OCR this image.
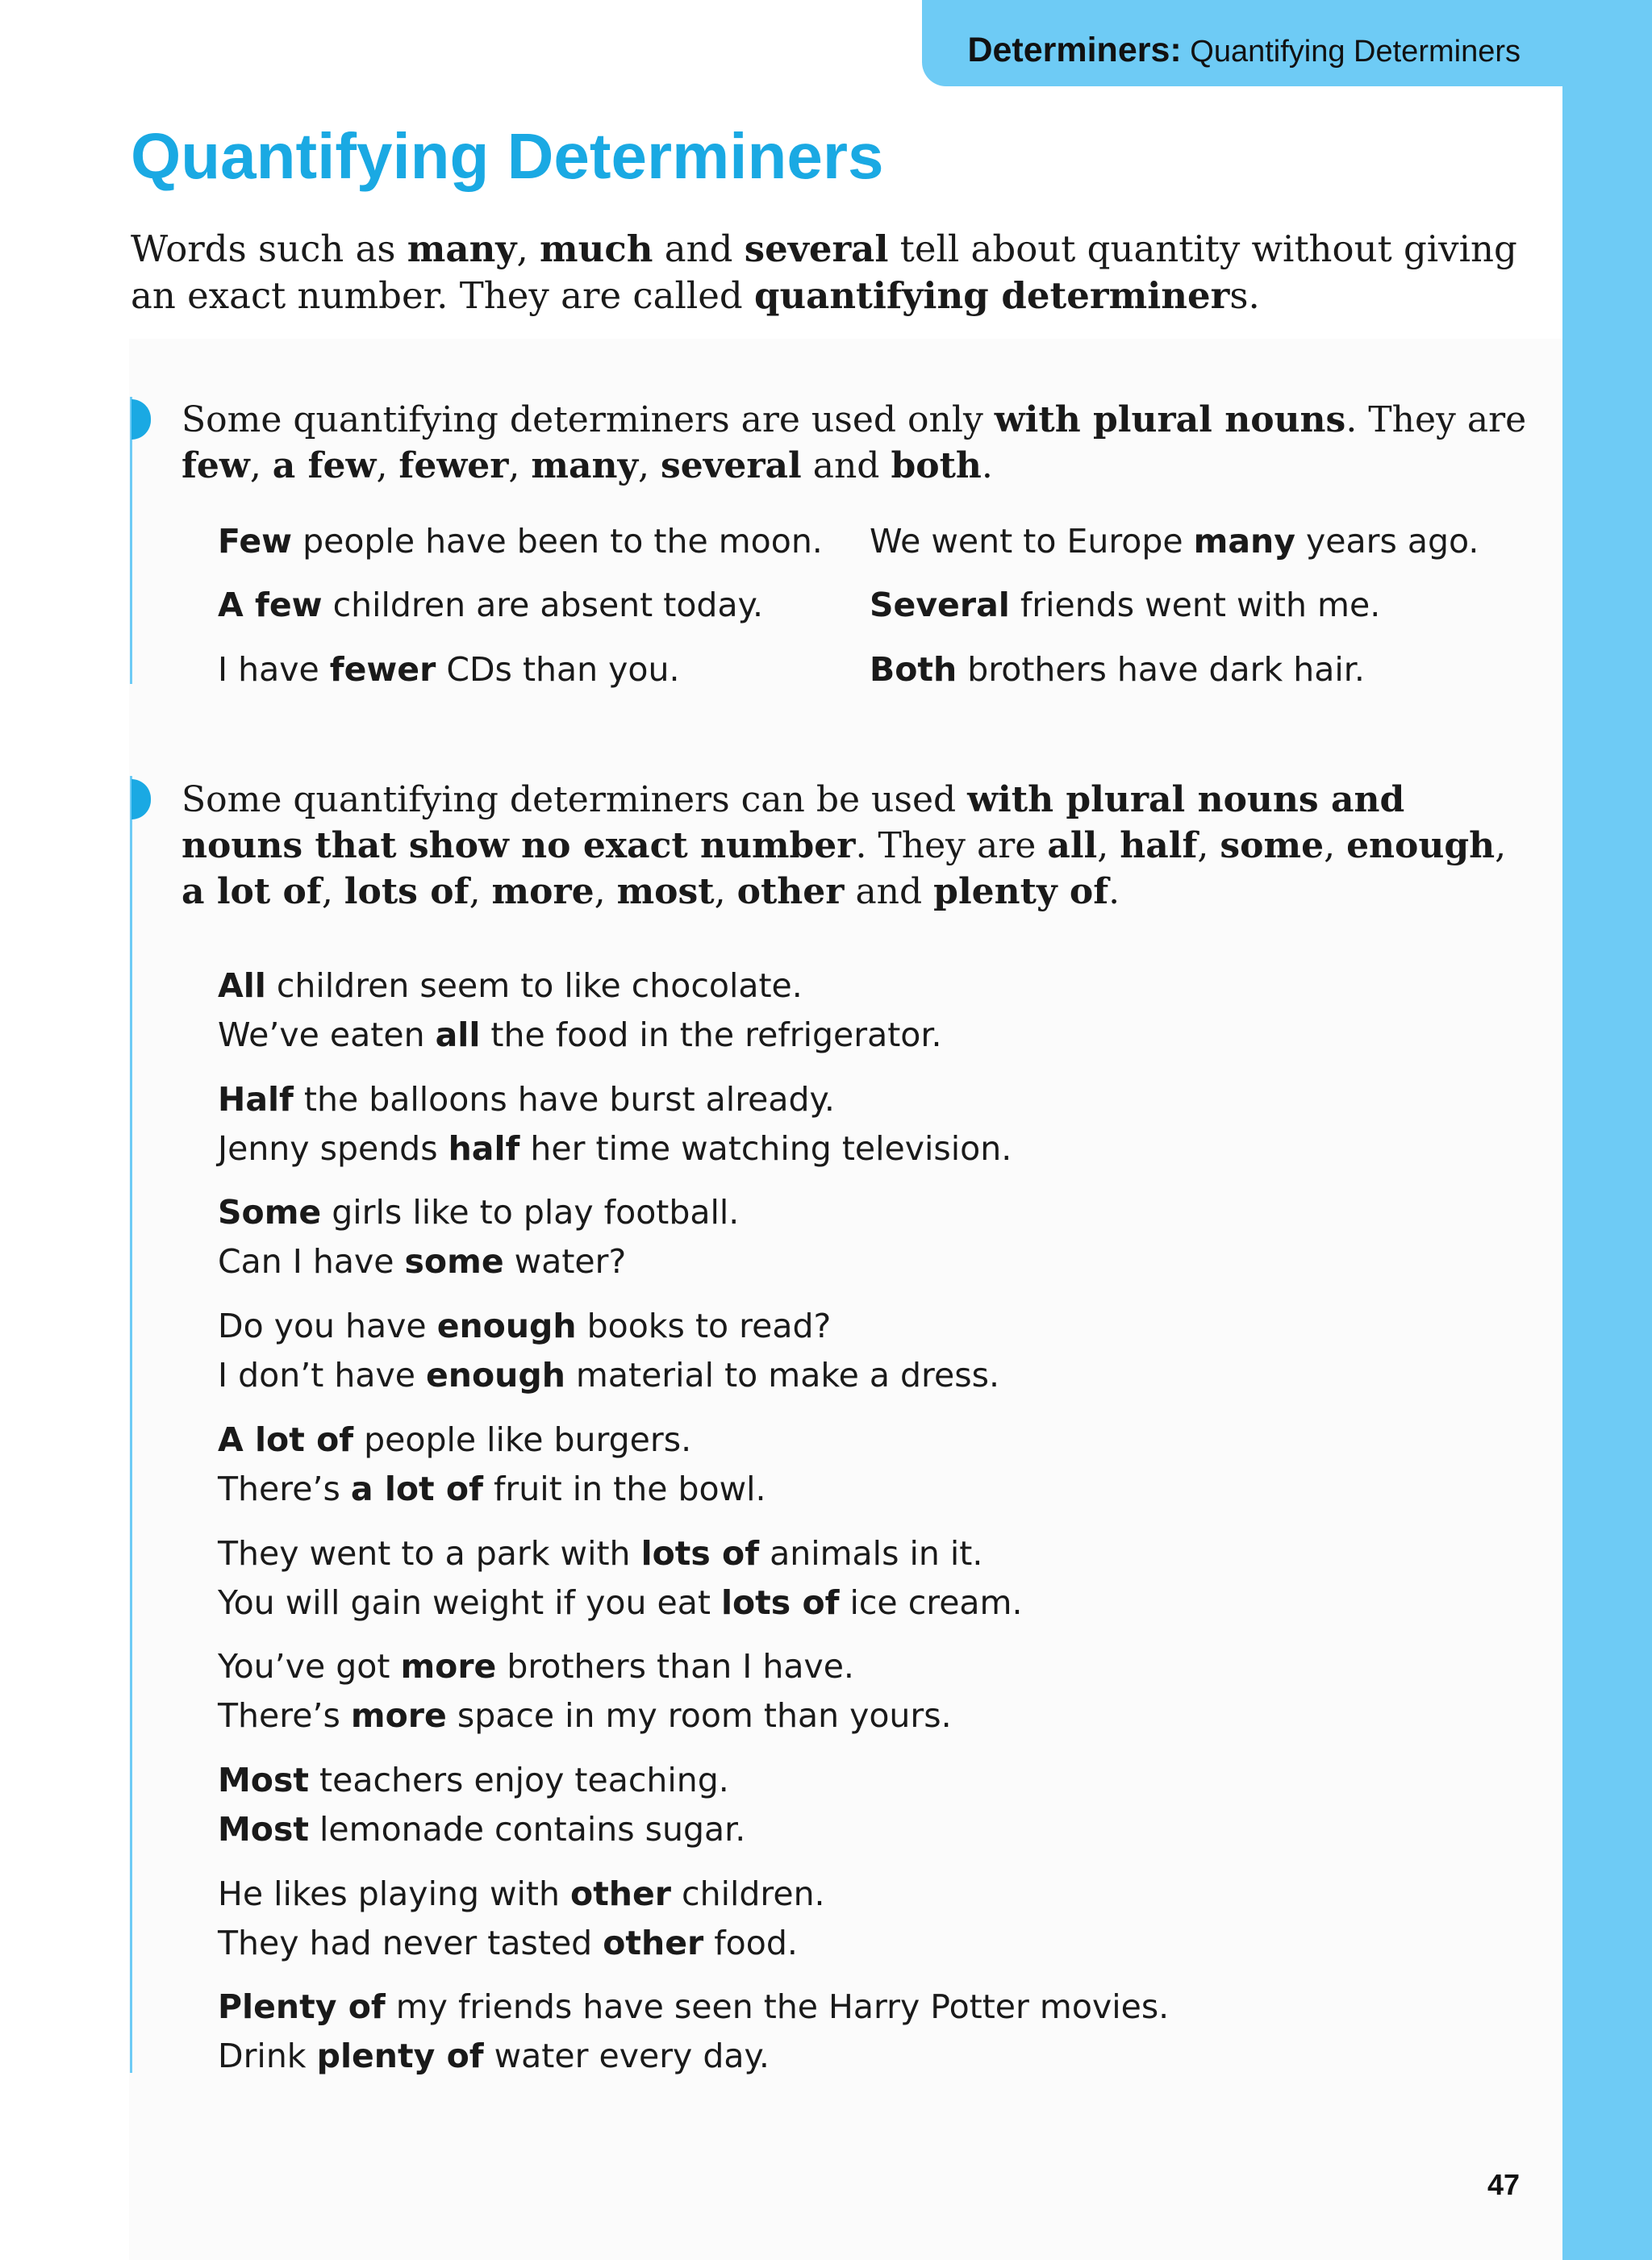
Determiners: Quantifying Determiners
Quantifying Determiners

Words such as many, much and several tell about quantity without giving an exact number. They are called quantifying determiners.

Some quantifying determiners are used only with plural nouns. They are few, a few, fewer, many, several and both.

Few people have been to the moon.
A few children are absent today.
I have fewer CDs than you.
We went to Europe many years ago.
Several friends went with me.
Both brothers have dark hair.

Some quantifying determiners can be used with plural nouns and nouns that show no exact number. They are all, half, some, enough, a lot of, lots of, more, most, other and plenty of.

All children seem to like chocolate.
We’ve eaten all the food in the refrigerator.
Half the balloons have burst already.
Jenny spends half her time watching television.
Some girls like to play football.
Can I have some water?
Do you have enough books to read?
I don’t have enough material to make a dress.
A lot of people like burgers.
There’s a lot of fruit in the bowl.
They went to a park with lots of animals in it.
You will gain weight if you eat lots of ice cream.
You’ve got more brothers than I have.
There’s more space in my room than yours.
Most teachers enjoy teaching.
Most lemonade contains sugar.
He likes playing with other children.
They had never tasted other food.
Plenty of my friends have seen the Harry Potter movies.
Drink plenty of water every day.
47
